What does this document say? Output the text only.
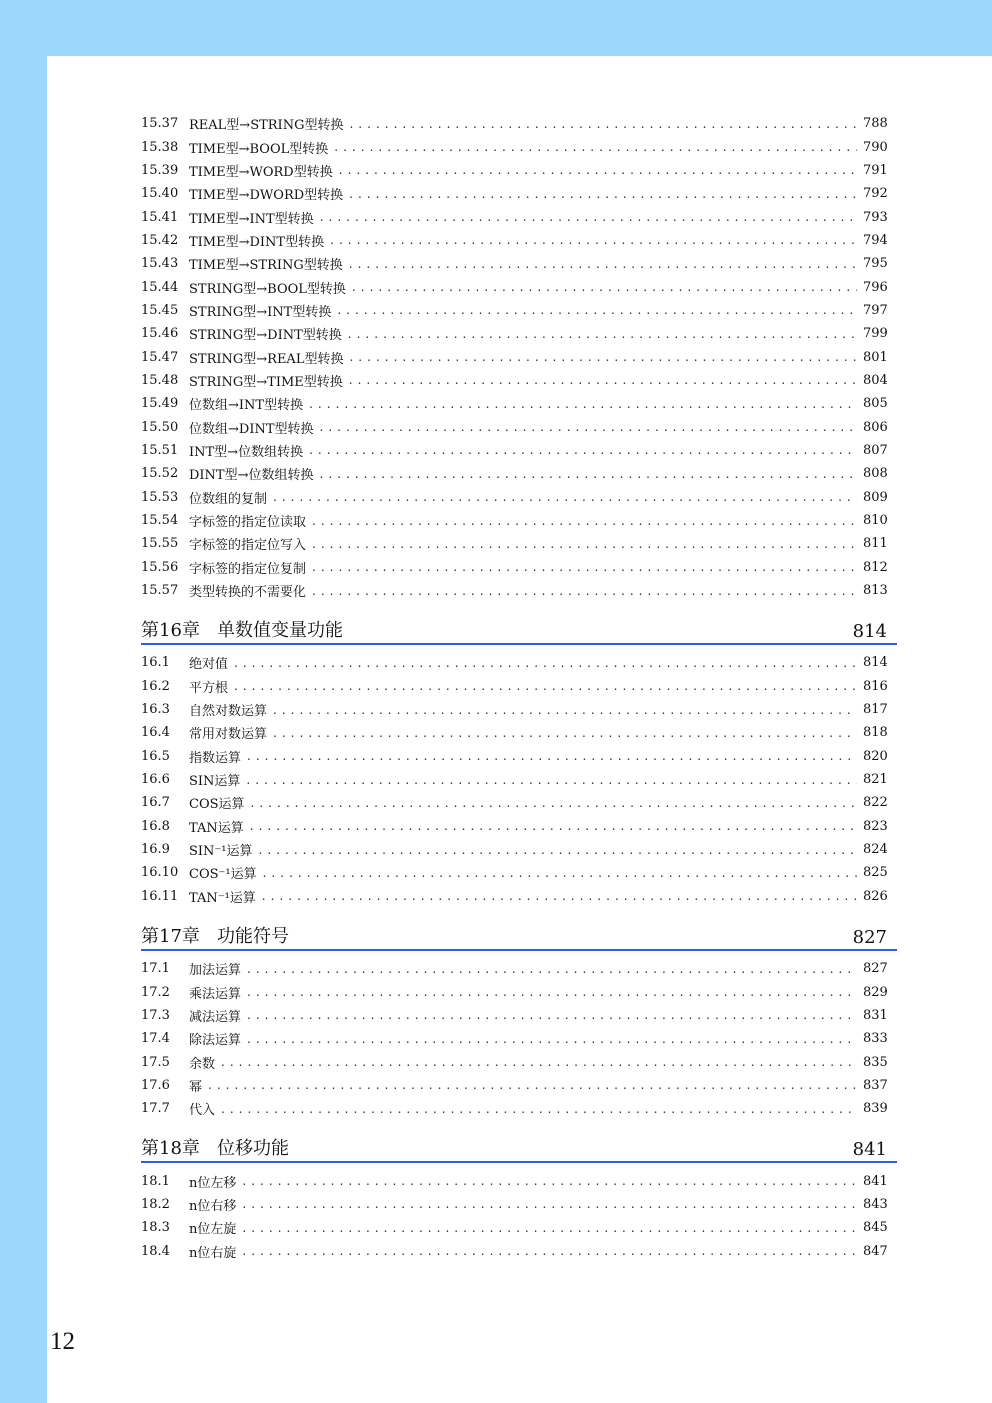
15.37 REAL型→STRING型转换 . . .	788
15.38 TIME型→BOOL型转换 . . .	790
15.39 TIME型→WORD型转换 . . .	791
15.40 TIME型→DWORD型转换 . . .	792
15.41 TIME型→INT型转换 . . .	793
15.42 TIME型→DINT型转换 . . .	794
15.43 TIME型→STRING型转换 . . .	795
15.44 STRING型→BOOL型转换 . . .	796
15.45 STRING型→INT型转换 . . .	797
15.46 STRING型→DINT型转换 . . .	799
15.47 STRING型→REAL型转换 . . .	801
15.48 STRING型→TIME型转换 . . .	804
15.49 位数组→INT型转换 . . .	805
15.50 位数组→DINT型转换 . . .	806
15.51 INT型→位数组转换 . . .	807
15.52 DINT型→位数组转换 . . .	808
15.53 位数组的复制 . . .	809
15.54 字标签的指定位读取 . . .	810
15.55 字标签的指定位写入 . . .	811
15.56 字标签的指定位复制 . . .	812
15.57 类型转换的不需要化 . . .	813
第16章 单数值变量功能	814
16.1	绝对值 . . .	814
16.2	平方根 . . .	816
16.3	自然对数运算 . . .	817
16.4	常用对数运算 . . .	818
16.5	指数运算 . . .	820
16.6	SIN运算 . . .	821
16.7	COS运算 . . .	822
16.8	TAN运算 . . .	823
16.9	SIN⁻¹运算 . . .	824
16.10 COS⁻¹运算 . . .	825
16.11 TAN⁻¹运算 . . .	826
第17章 功能符号	827
17.1	加法运算 . . .	827
17.2	乘法运算 . . .	829
17.3	减法运算 . . .	831
17.4	除法运算 . . .	833
17.5	余数 . . .	835
17.6	幂 . . .	837
17.7	代入 . . .	839
第18章 位移功能	841
18.1	n位左移 . . .	841
18.2	n位右移 . . .	843
18.3	n位左旋 . . .	845
18.4	n位右旋 . . .	847
12
